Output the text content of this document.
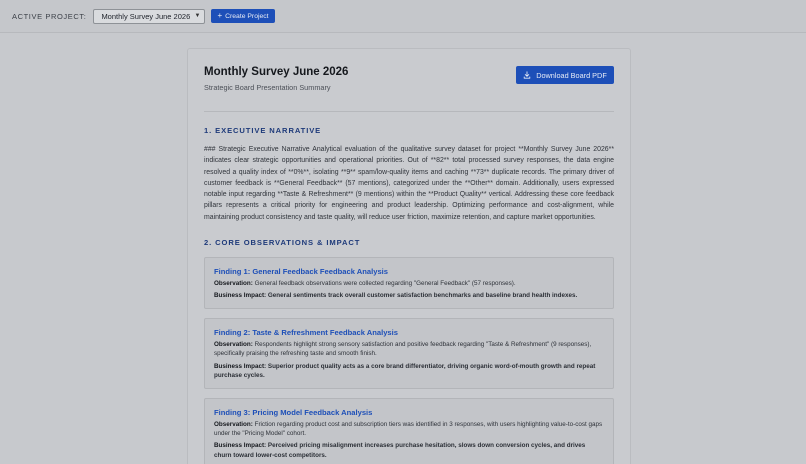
ACTIVE PROJECT: Monthly Survey June 2026 ▼ + Create Project
Monthly Survey June 2026
Strategic Board Presentation Summary
Download Board PDF
1. EXECUTIVE NARRATIVE

### Strategic Executive Narrative Analytical evaluation of the qualitative survey dataset for project **Monthly Survey June 2026** indicates clear strategic opportunities and operational priorities. Out of **82** total processed survey responses, the data engine resolved a quality index of **0%**, isolating **9** spam/low-quality items and caching **73** duplicate records. The primary driver of customer feedback is **General Feedback** (57 mentions), categorized under the **Other** domain. Additionally, users expressed notable input regarding **Taste & Refreshment** (9 mentions) within the **Product Quality** vertical. Addressing these core feedback pillars represents a critical priority for engineering and product leadership. Optimizing performance and cost-alignment, while maintaining product consistency and taste quality, will reduce user friction, maximize retention, and capture market opportunities.

2. CORE OBSERVATIONS & IMPACT
Finding 1: General Feedback Feedback Analysis
Observation: General feedback observations were collected regarding "General Feedback" (57 responses).
Business Impact: General sentiments track overall customer satisfaction benchmarks and baseline brand health indexes.
Finding 2: Taste & Refreshment Feedback Analysis
Observation: Respondents highlight strong sensory satisfaction and positive feedback regarding "Taste & Refreshment" (9 responses), specifically praising the refreshing taste and smooth finish.
Business Impact: Superior product quality acts as a core brand differentiator, driving organic word-of-mouth growth and repeat purchase cycles.
Finding 3: Pricing Model Feedback Analysis
Observation: Friction regarding product cost and subscription tiers was identified in 3 responses, with users highlighting value-to-cost gaps under the "Pricing Model" cohort.
Business Impact: Perceived pricing misalignment increases purchase hesitation, slows down conversion cycles, and drives churn toward lower-cost competitors.
